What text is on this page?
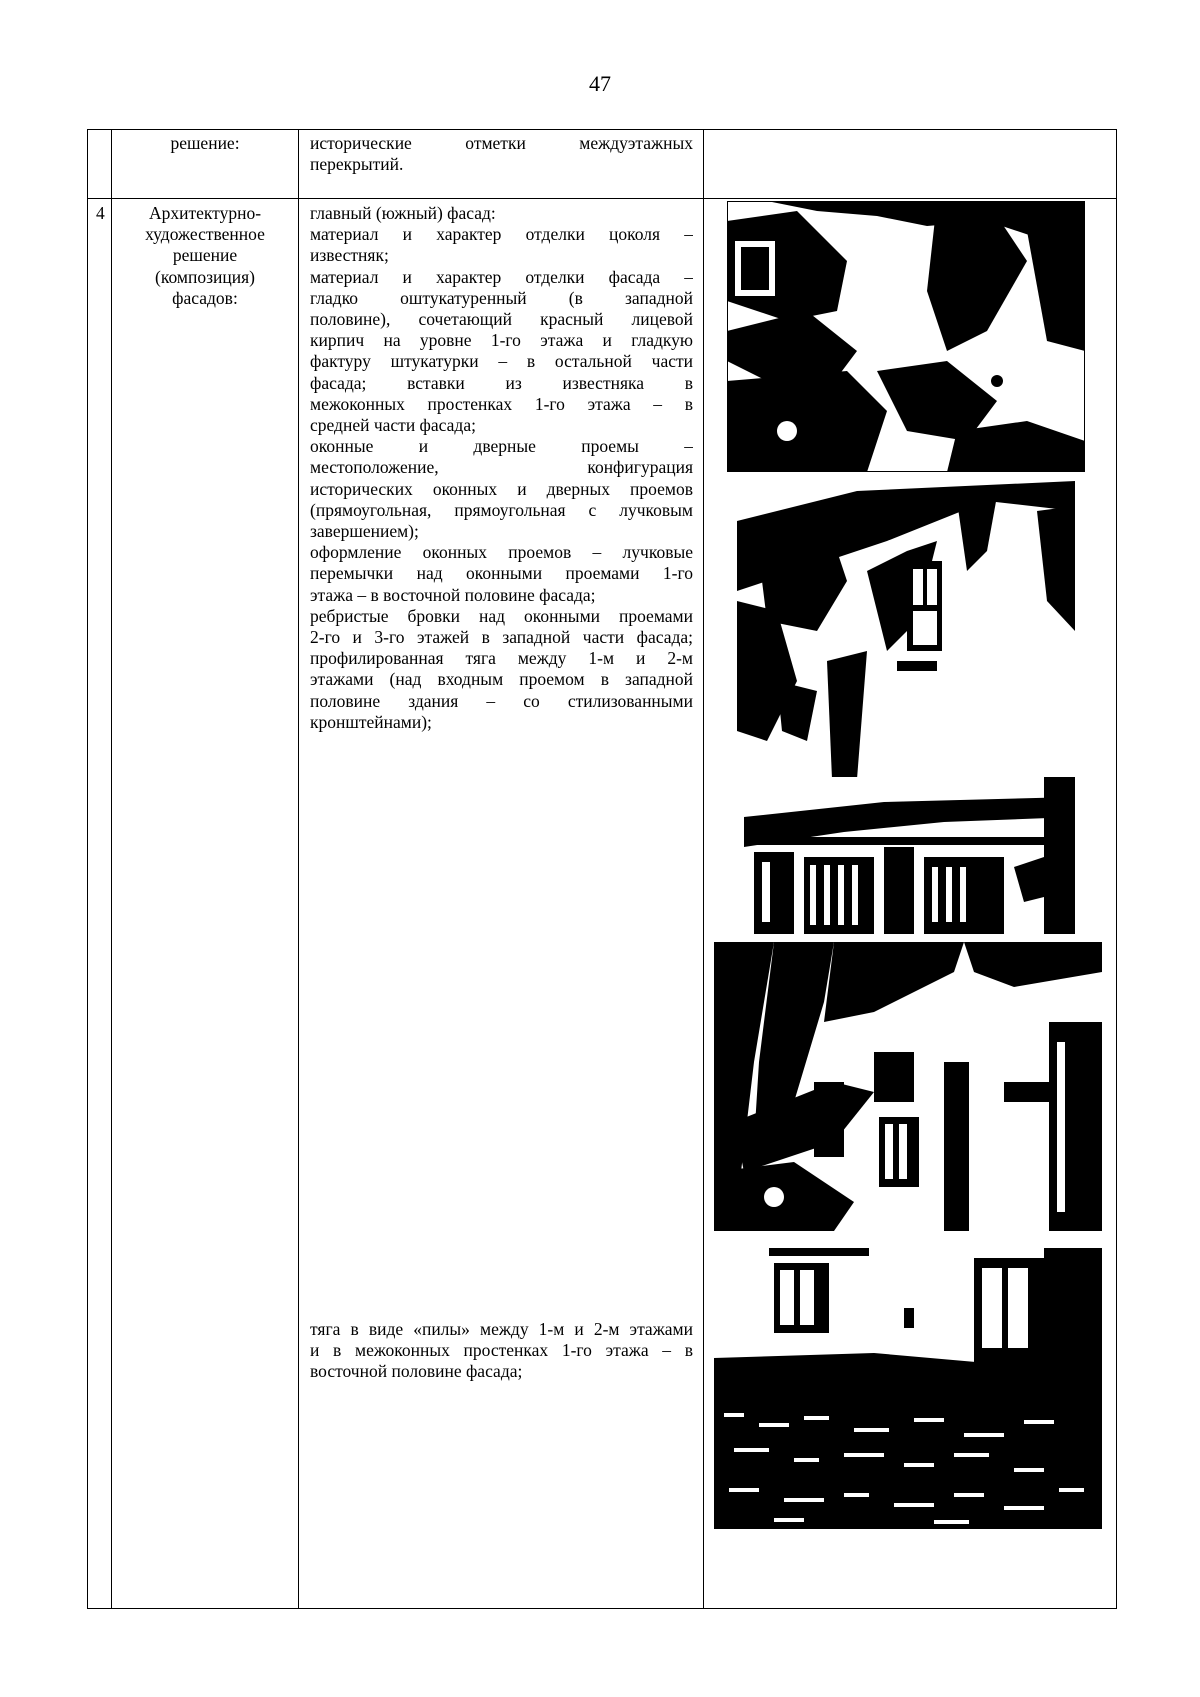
47
решение:	исторические отметки междуэтажных
перекрытий.
4	Архитектурно-
художественное
решение
(композиция)
фасадов:
главный (южный) фасад:
материал и характер отделки цоколя –
известняк;
материал и характер отделки фасада –
гладко оштукатуренный (в западной
половине), сочетающий красный лицевой
кирпич на уровне 1-го этажа и гладкую
фактуру штукатурки – в остальной части
фасада; вставки из известняка в
межоконных простенках 1-го этажа – в
средней части фасада;
оконные и дверные проемы –
местоположение, конфигурация
исторических оконных и дверных проемов
(прямоугольная, прямоугольная с лучковым
завершением);
оформление оконных проемов – лучковые
перемычки над оконными проемами 1-го
этажа – в восточной половине фасада;
ребристые бровки над оконными проемами
2-го и 3-го этажей в западной части фасада;
профилированная тяга между 1-м и 2-м
этажами (над входным проемом в западной
половине здания – со стилизованными
кронштейнами);
тяга в виде «пилы» между 1-м и 2-м этажами
и в межоконных простенках 1-го этажа – в
восточной половине фасада;
